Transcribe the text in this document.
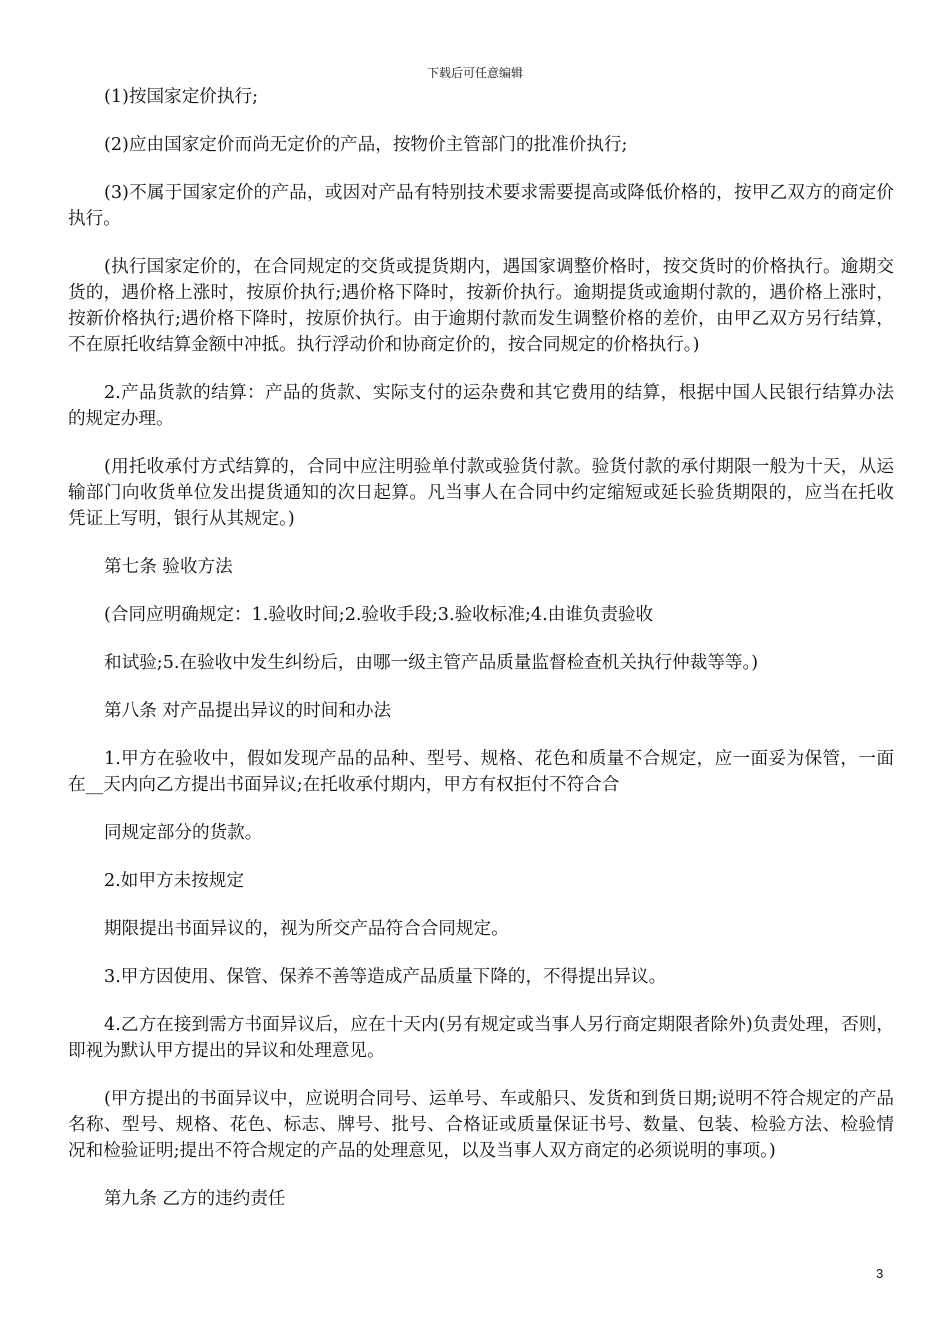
下载后可任意编辑

(1)按国家定价执行;

(2)应由国家定价而尚无定价的产品，按物价主管部门的批准价执行;

(3)不属于国家定价的产品，或因对产品有特别技术要求需要提高或降低价格的，按甲乙双方的商定价执行。

(执行国家定价的，在合同规定的交货或提货期内，遇国家调整价格时，按交货时的价格执行。逾期交货的，遇价格上涨时，按原价执行;遇价格下降时，按新价执行。逾期提货或逾期付款的，遇价格上涨时，按新价格执行;遇价格下降时，按原价执行。由于逾期付款而发生调整价格的差价，由甲乙双方另行结算，不在原托收结算金额中冲抵。执行浮动价和协商定价的，按合同规定的价格执行。)

2.产品货款的结算：产品的货款、实际支付的运杂费和其它费用的结算，根据中国人民银行结算办法的规定办理。

(用托收承付方式结算的，合同中应注明验单付款或验货付款。验货付款的承付期限一般为十天，从运输部门向收货单位发出提货通知的次日起算。凡当事人在合同中约定缩短或延长验货期限的，应当在托收凭证上写明，银行从其规定。)

第七条 验收方法

(合同应明确规定：1.验收时间;2.验收手段;3.验收标准;4.由谁负责验收

和试验;5.在验收中发生纠纷后，由哪一级主管产品质量监督检查机关执行仲裁等等。)

第八条 对产品提出异议的时间和办法

1.甲方在验收中，假如发现产品的品种、型号、规格、花色和质量不合规定，应一面妥为保管，一面在__天内向乙方提出书面异议;在托收承付期内，甲方有权拒付不符合合

同规定部分的货款。

2.如甲方未按规定

期限提出书面异议的，视为所交产品符合合同规定。

3.甲方因使用、保管、保养不善等造成产品质量下降的，不得提出异议。

4.乙方在接到需方书面异议后，应在十天内(另有规定或当事人另行商定期限者除外)负责处理，否则，即视为默认甲方提出的异议和处理意见。

(甲方提出的书面异议中，应说明合同号、运单号、车或船只、发货和到货日期;说明不符合规定的产品名称、型号、规格、花色、标志、牌号、批号、合格证或质量保证书号、数量、包装、检验方法、检验情况和检验证明;提出不符合规定的产品的处理意见，以及当事人双方商定的必须说明的事项。)

第九条 乙方的违约责任

3
